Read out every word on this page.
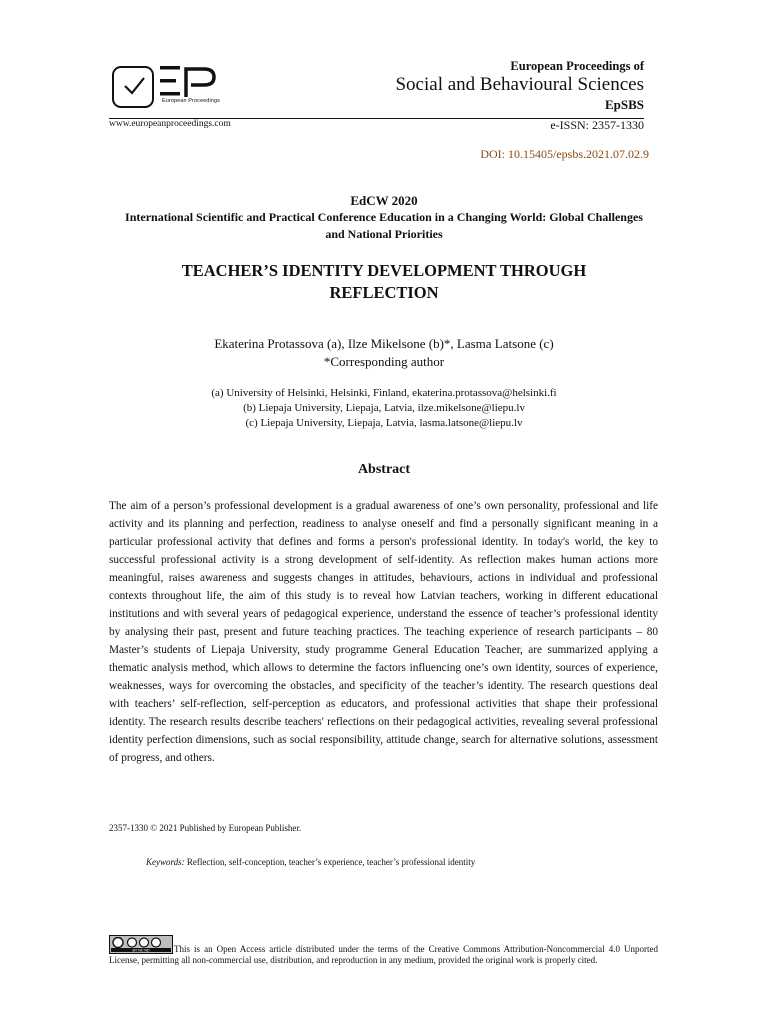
European Proceedings
European Proceedings of
Social and Behavioural Sciences
EpSBS
www.europeanproceedings.com	e-ISSN: 2357-1330
DOI: 10.15405/epsbs.2021.07.02.9
EdCW 2020
International Scientific and Practical Conference Education in a Changing World: Global Challenges and National Priorities
TEACHER’S IDENTITY DEVELOPMENT THROUGH
REFLECTION
Ekaterina Protassova (a), Ilze Mikelsone (b)*, Lasma Latsone (c)
*Corresponding author
(a) University of Helsinki, Helsinki, Finland, ekaterina.protassova@helsinki.fi
(b) Liepaja University, Liepaja, Latvia, ilze.mikelsone@liepu.lv
(c) Liepaja University, Liepaja, Latvia, lasma.latsone@liepu.lv
Abstract
The aim of a person’s professional development is a gradual awareness of one’s own personality, professional and life activity and its planning and perfection, readiness to analyse oneself and find a personally significant meaning in a particular professional activity that defines and forms a person's professional identity. In today's world, the key to successful professional activity is a strong development of self-identity. As reflection makes human actions more meaningful, raises awareness and suggests changes in attitudes, behaviours, actions in individual and professional contexts throughout life, the aim of this study is to reveal how Latvian teachers, working in different educational institutions and with several years of pedagogical experience, understand the essence of teacher’s professional identity by analysing their past, present and future teaching practices. The teaching experience of research participants – 80 Master’s students of Liepaja University, study programme General Education Teacher, are summarized applying a thematic analysis method, which allows to determine the factors influencing one’s own identity, sources of experience, weaknesses, ways for overcoming the obstacles, and specificity of the teacher’s identity. The research questions deal with teachers’ self-reflection, self-perception as educators, and professional activities that shape their professional identity. The research results describe teachers' reflections on their pedagogical activities, revealing several professional identity perfection dimensions, such as social responsibility, attitude change, search for alternative solutions, assessment of progress, and others.
2357-1330 © 2021 Published by European Publisher.
Keywords: Reflection, self-conception, teacher’s experience, teacher’s professional identity
BY NC ND	This is an Open Access article distributed under the terms of the Creative Commons Attribution-Noncommercial 4.0 Unported License, permitting all non-commercial use, distribution, and reproduction in any medium, provided the original work is properly cited.
